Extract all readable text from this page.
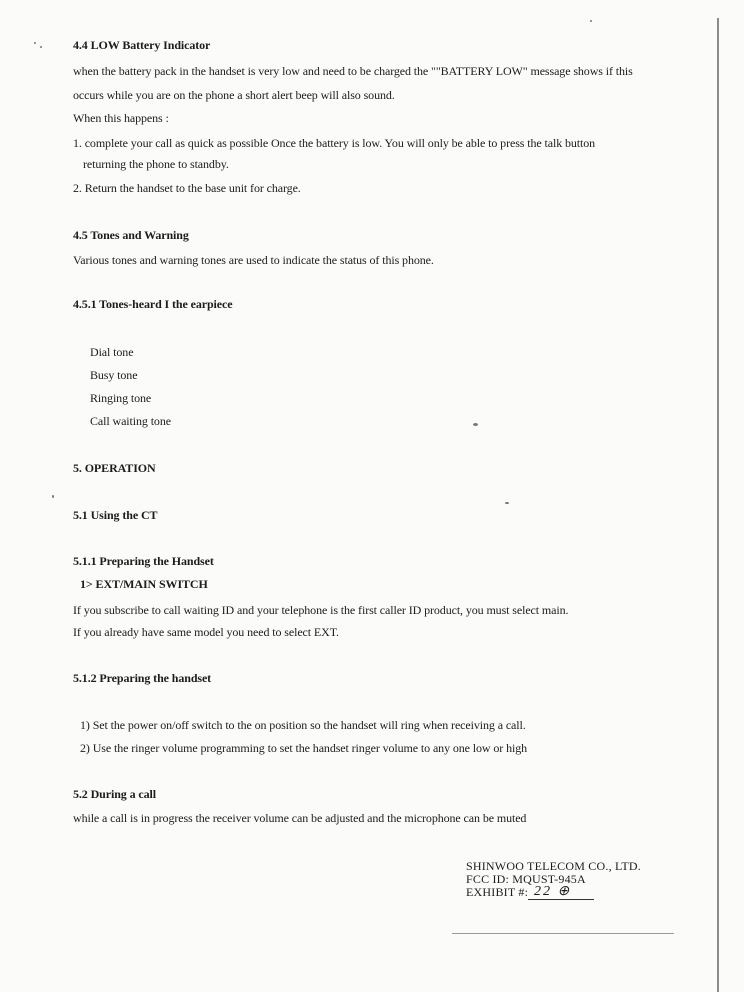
4.4 LOW Battery Indicator
when the battery pack in the handset is very low and need to be charged the ""BATTERY LOW" message shows if this
occurs while you are on the phone a short alert beep will also sound.
When this happens :
1. complete your call as quick as possible Once the battery is low. You will only be able to press the talk button
returning the phone to standby.
2. Return the handset to the base unit for charge.
4.5 Tones and Warning
Various tones and warning tones are used to indicate the status of this phone.
4.5.1 Tones-heard I the earpiece
Dial tone
Busy tone
Ringing tone
Call waiting tone
5. OPERATION
5.1 Using the CT
5.1.1 Preparing the Handset
1> EXT/MAIN SWITCH
If you subscribe to call waiting ID and your telephone is the first caller ID product, you must select main.
If you already have same model you need to select EXT.
5.1.2 Preparing the handset
1) Set the power on/off switch to the on position so the handset will ring when receiving a call.
2) Use the ringer volume programming to set the handset ringer volume to any one low or high
5.2 During a call
while a call is in progress the receiver volume can be adjusted and the microphone can be muted
SHINWOO TELECOM CO., LTD.
FCC ID: MQUST-945A
EXHIBIT #: 22 ⊕
